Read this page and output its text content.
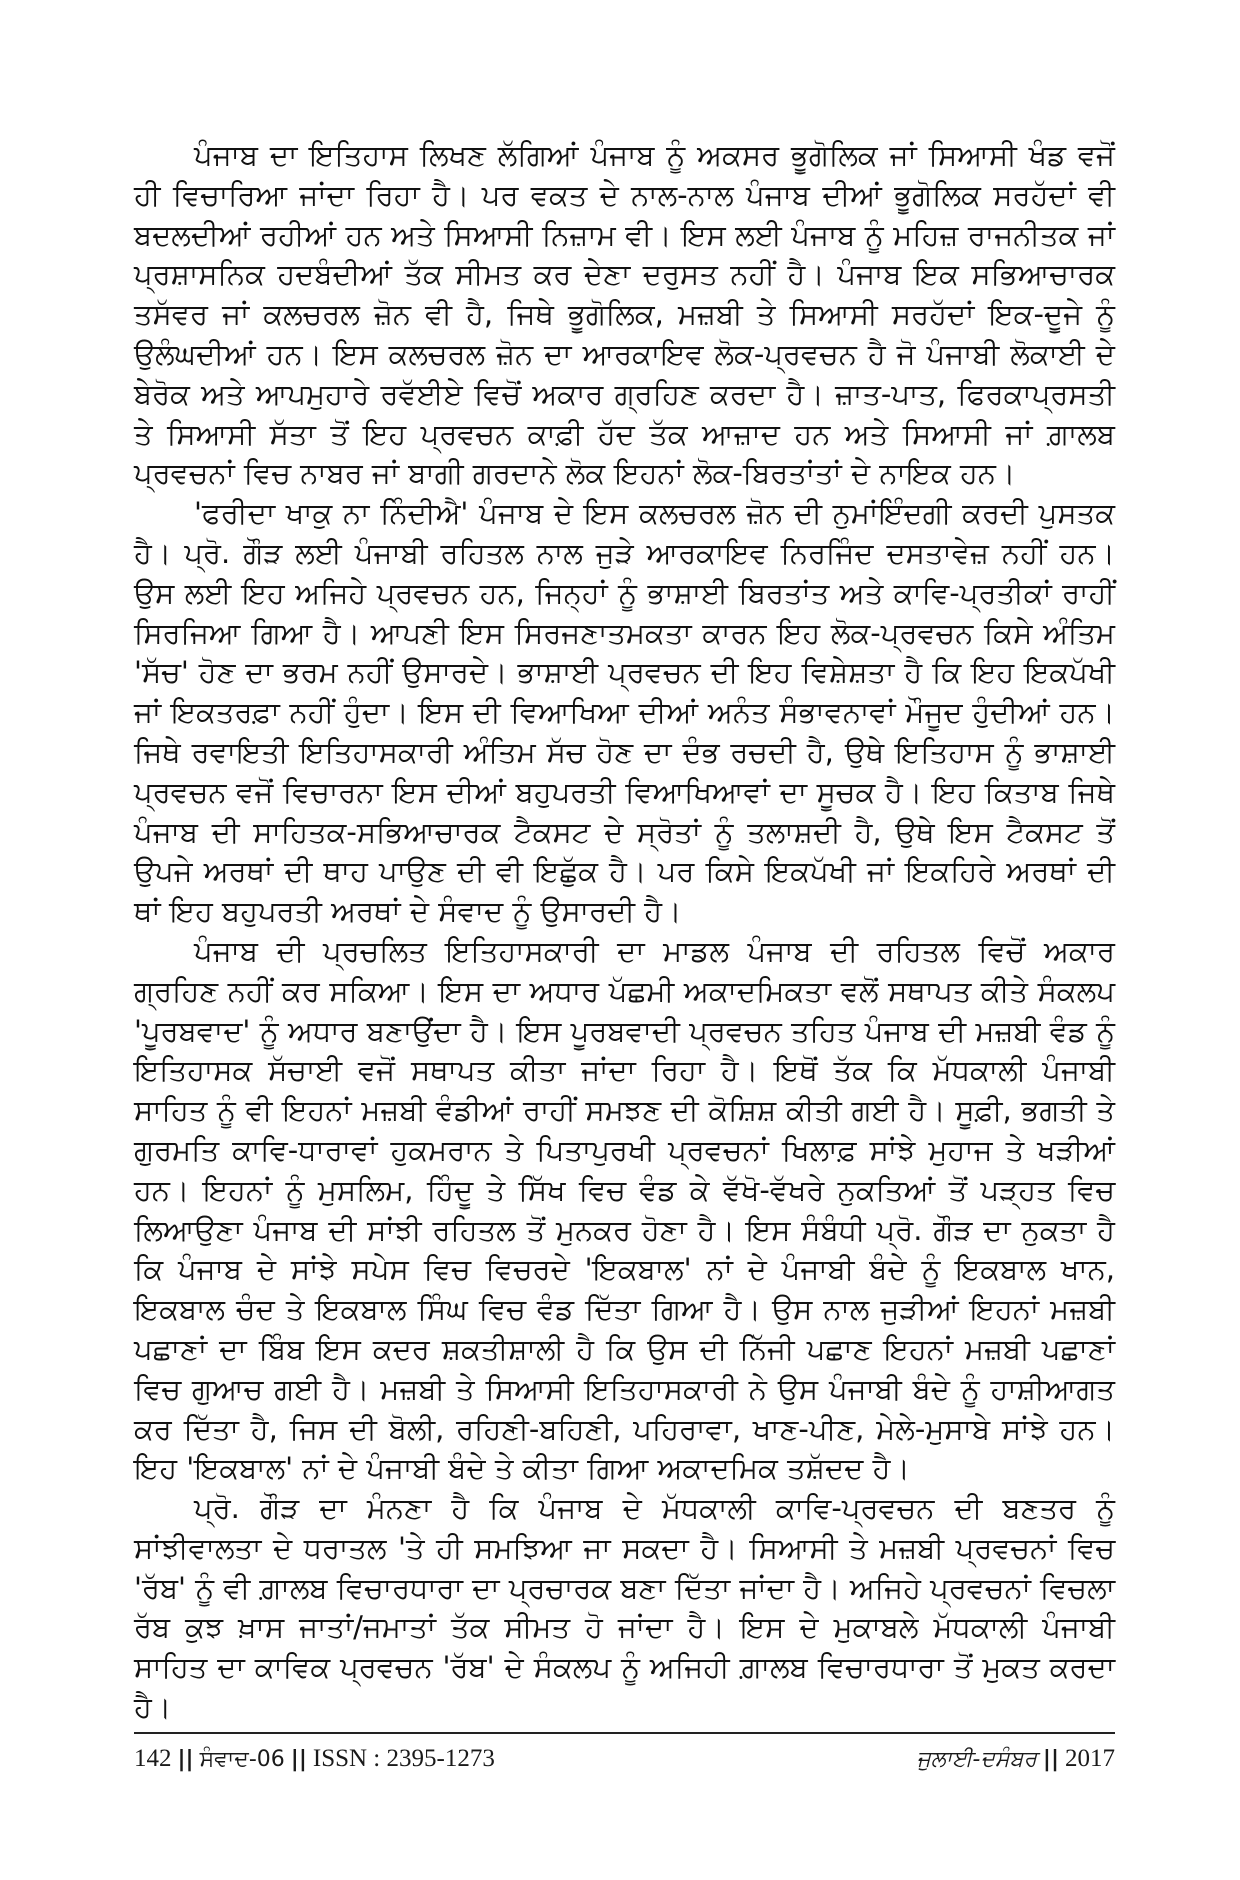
ਪੰਜਾਬ ਦਾ ਇਤਿਹਾਸ ਲਿਖਣ ਲੱਗਿਆਂ ਪੰਜਾਬ ਨੂੰ ਅਕਸਰ ਭੂਗੋਲਿਕ ਜਾਂ ਸਿਆਸੀ ਖੰਡ ਵਜੋਂ ਹੀ ਵਿਚਾਰਿਆ ਜਾਂਦਾ ਰਿਹਾ ਹੈ। ਪਰ ਵਕਤ ਦੇ ਨਾਲ-ਨਾਲ ਪੰਜਾਬ ਦੀਆਂ ਭੂਗੋਲਿਕ ਸਰਹੱਦਾਂ ਵੀ ਬਦਲਦੀਆਂ ਰਹੀਆਂ ਹਨ ਅਤੇ ਸਿਆਸੀ ਨਿਜ਼ਾਮ ਵੀ। ਇਸ ਲਈ ਪੰਜਾਬ ਨੂੰ ਮਹਿਜ਼ ਰਾਜਨੀਤਕ ਜਾਂ ਪ੍ਰਸ਼ਾਸਨਿਕ ਹਦਬੰਦੀਆਂ ਤੱਕ ਸੀਮਤ ਕਰ ਦੇਣਾ ਦਰੁਸਤ ਨਹੀਂ ਹੈ। ਪੰਜਾਬ ਇਕ ਸਭਿਆਚਾਰਕ ਤਸੱਵਰ ਜਾਂ ਕਲਚਰਲ ਜ਼ੋਨ ਵੀ ਹੈ, ਜਿਥੇ ਭੂਗੋਲਿਕ, ਮਜ਼ਬੀ ਤੇ ਸਿਆਸੀ ਸਰਹੱਦਾਂ ਇਕ-ਦੂਜੇ ਨੂੰ ਉਲੰਘਦੀਆਂ ਹਨ। ਇਸ ਕਲਚਰਲ ਜ਼ੋਨ ਦਾ ਆਰਕਾਇਵ ਲੋਕ-ਪ੍ਰਵਚਨ ਹੈ ਜੋ ਪੰਜਾਬੀ ਲੋਕਾਈ ਦੇ ਬੇਰੋਕ ਅਤੇ ਆਪਮੁਹਾਰੇ ਰਵੱਈਏ ਵਿਚੋਂ ਅਕਾਰ ਗ੍ਰਹਿਣ ਕਰਦਾ ਹੈ। ਜ਼ਾਤ-ਪਾਤ, ਫਿਰਕਾਪ੍ਰਸਤੀ ਤੇ ਸਿਆਸੀ ਸੱਤਾ ਤੋਂ ਇਹ ਪ੍ਰਵਚਨ ਕਾਫ਼ੀ ਹੱਦ ਤੱਕ ਆਜ਼ਾਦ ਹਨ ਅਤੇ ਸਿਆਸੀ ਜਾਂ ਗ਼ਾਲਬ ਪ੍ਰਵਚਨਾਂ ਵਿਚ ਨਾਬਰ ਜਾਂ ਬਾਗੀ ਗਰਦਾਨੇ ਲੋਕ ਇਹਨਾਂ ਲੋਕ-ਬਿਰਤਾਂਤਾਂ ਦੇ ਨਾਇਕ ਹਨ।

'ਫਰੀਦਾ ਖਾਕੁ ਨਾ ਨਿੰਦੀਐ' ਪੰਜਾਬ ਦੇ ਇਸ ਕਲਚਰਲ ਜ਼ੋਨ ਦੀ ਨੁਮਾਂਇੰਦਗੀ ਕਰਦੀ ਪੁਸਤਕ ਹੈ। ਪ੍ਰੋ. ਗੌੜ ਲਈ ਪੰਜਾਬੀ ਰਹਿਤਲ ਨਾਲ ਜੁੜੇ ਆਰਕਾਇਵ ਨਿਰਜਿੰਦ ਦਸਤਾਵੇਜ਼ ਨਹੀਂ ਹਨ। ਉਸ ਲਈ ਇਹ ਅਜਿਹੇ ਪ੍ਰਵਚਨ ਹਨ, ਜਿਨ੍ਹਾਂ ਨੂੰ ਭਾਸ਼ਾਈ ਬਿਰਤਾਂਤ ਅਤੇ ਕਾਵਿ-ਪ੍ਰਤੀਕਾਂ ਰਾਹੀਂ ਸਿਰਜਿਆ ਗਿਆ ਹੈ। ਆਪਣੀ ਇਸ ਸਿਰਜਣਾਤਮਕਤਾ ਕਾਰਨ ਇਹ ਲੋਕ-ਪ੍ਰਵਚਨ ਕਿਸੇ ਅੰਤਿਮ 'ਸੱਚ' ਹੋਣ ਦਾ ਭਰਮ ਨਹੀਂ ਉਸਾਰਦੇ। ਭਾਸ਼ਾਈ ਪ੍ਰਵਚਨ ਦੀ ਇਹ ਵਿਸ਼ੇਸ਼ਤਾ ਹੈ ਕਿ ਇਹ ਇਕਪੱਖੀ ਜਾਂ ਇਕਤਰਫ਼ਾ ਨਹੀਂ ਹੁੰਦਾ। ਇਸ ਦੀ ਵਿਆਖਿਆ ਦੀਆਂ ਅਨੰਤ ਸੰਭਾਵਨਾਵਾਂ ਮੌਜੂਦ ਹੁੰਦੀਆਂ ਹਨ। ਜਿਥੇ ਰਵਾਇਤੀ ਇਤਿਹਾਸਕਾਰੀ ਅੰਤਿਮ ਸੱਚ ਹੋਣ ਦਾ ਦੰਭ ਰਚਦੀ ਹੈ, ਉਥੇ ਇਤਿਹਾਸ ਨੂੰ ਭਾਸ਼ਾਈ ਪ੍ਰਵਚਨ ਵਜੋਂ ਵਿਚਾਰਨਾ ਇਸ ਦੀਆਂ ਬਹੁਪਰਤੀ ਵਿਆਖਿਆਵਾਂ ਦਾ ਸੂਚਕ ਹੈ। ਇਹ ਕਿਤਾਬ ਜਿਥੇ ਪੰਜਾਬ ਦੀ ਸਾਹਿਤਕ-ਸਭਿਆਚਾਰਕ ਟੈਕਸਟ ਦੇ ਸ੍ਰੋਤਾਂ ਨੂੰ ਤਲਾਸ਼ਦੀ ਹੈ, ਉਥੇ ਇਸ ਟੈਕਸਟ ਤੋਂ ਉਪਜੇ ਅਰਥਾਂ ਦੀ ਥਾਹ ਪਾਉਣ ਦੀ ਵੀ ਇਛੁੱਕ ਹੈ। ਪਰ ਕਿਸੇ ਇਕਪੱਖੀ ਜਾਂ ਇਕਹਿਰੇ ਅਰਥਾਂ ਦੀ ਥਾਂ ਇਹ ਬਹੁਪਰਤੀ ਅਰਥਾਂ ਦੇ ਸੰਵਾਦ ਨੂੰ ਉਸਾਰਦੀ ਹੈ।

ਪੰਜਾਬ ਦੀ ਪ੍ਰਚਲਿਤ ਇਤਿਹਾਸਕਾਰੀ ਦਾ ਮਾਡਲ ਪੰਜਾਬ ਦੀ ਰਹਿਤਲ ਵਿਚੋਂ ਅਕਾਰ ਗ੍ਰਹਿਣ ਨਹੀਂ ਕਰ ਸਕਿਆ। ਇਸ ਦਾ ਅਧਾਰ ਪੱਛਮੀ ਅਕਾਦਮਿਕਤਾ ਵਲੋਂ ਸਥਾਪਤ ਕੀਤੇ ਸੰਕਲਪ 'ਪੂਰਬਵਾਦ' ਨੂੰ ਅਧਾਰ ਬਣਾਉਂਦਾ ਹੈ। ਇਸ ਪੂਰਬਵਾਦੀ ਪ੍ਰਵਚਨ ਤਹਿਤ ਪੰਜਾਬ ਦੀ ਮਜ਼ਬੀ ਵੰਡ ਨੂੰ ਇਤਿਹਾਸਕ ਸੱਚਾਈ ਵਜੋਂ ਸਥਾਪਤ ਕੀਤਾ ਜਾਂਦਾ ਰਿਹਾ ਹੈ। ਇਥੋਂ ਤੱਕ ਕਿ ਮੱਧਕਾਲੀ ਪੰਜਾਬੀ ਸਾਹਿਤ ਨੂੰ ਵੀ ਇਹਨਾਂ ਮਜ਼ਬੀ ਵੰਡੀਆਂ ਰਾਹੀਂ ਸਮਝਣ ਦੀ ਕੋਸ਼ਿਸ਼ ਕੀਤੀ ਗਈ ਹੈ। ਸੂਫ਼ੀ, ਭਗਤੀ ਤੇ ਗੁਰਮਤਿ ਕਾਵਿ-ਧਾਰਾਵਾਂ ਹੁਕਮਰਾਨ ਤੇ ਪਿਤਾਪੁਰਖੀ ਪ੍ਰਵਚਨਾਂ ਖਿਲਾਫ਼ ਸਾਂਝੇ ਮੁਹਾਜ ਤੇ ਖੜੀਆਂ ਹਨ। ਇਹਨਾਂ ਨੂੰ ਮੁਸਲਿਮ, ਹਿੰਦੂ ਤੇ ਸਿੱਖ ਵਿਚ ਵੰਡ ਕੇ ਵੱਖੋ-ਵੱਖਰੇ ਨੁਕਤਿਆਂ ਤੋਂ ਪੜ੍ਹਤ ਵਿਚ ਲਿਆਉਣਾ ਪੰਜਾਬ ਦੀ ਸਾਂਝੀ ਰਹਿਤਲ ਤੋਂ ਮੁਨਕਰ ਹੋਣਾ ਹੈ। ਇਸ ਸੰਬੰਧੀ ਪ੍ਰੋ. ਗੌੜ ਦਾ ਨੁਕਤਾ ਹੈ ਕਿ ਪੰਜਾਬ ਦੇ ਸਾਂਝੇ ਸਪੇਸ ਵਿਚ ਵਿਚਰਦੇ 'ਇਕਬਾਲ' ਨਾਂ ਦੇ ਪੰਜਾਬੀ ਬੰਦੇ ਨੂੰ ਇਕਬਾਲ ਖਾਨ, ਇਕਬਾਲ ਚੰਦ ਤੇ ਇਕਬਾਲ ਸਿੰਘ ਵਿਚ ਵੰਡ ਦਿੱਤਾ ਗਿਆ ਹੈ। ਉਸ ਨਾਲ ਜੁੜੀਆਂ ਇਹਨਾਂ ਮਜ਼ਬੀ ਪਛਾਣਾਂ ਦਾ ਬਿੰਬ ਇਸ ਕਦਰ ਸ਼ਕਤੀਸ਼ਾਲੀ ਹੈ ਕਿ ਉਸ ਦੀ ਨਿੱਜੀ ਪਛਾਣ ਇਹਨਾਂ ਮਜ਼ਬੀ ਪਛਾਣਾਂ ਵਿਚ ਗੁਆਚ ਗਈ ਹੈ। ਮਜ਼ਬੀ ਤੇ ਸਿਆਸੀ ਇਤਿਹਾਸਕਾਰੀ ਨੇ ਉਸ ਪੰਜਾਬੀ ਬੰਦੇ ਨੂੰ ਹਾਸ਼ੀਆਗਤ ਕਰ ਦਿੱਤਾ ਹੈ, ਜਿਸ ਦੀ ਬੋਲੀ, ਰਹਿਣੀ-ਬਹਿਣੀ, ਪਹਿਰਾਵਾ, ਖਾਣ-ਪੀਣ, ਮੇਲੇ-ਮੁਸਾਬੇ ਸਾਂਝੇ ਹਨ। ਇਹ 'ਇਕਬਾਲ' ਨਾਂ ਦੇ ਪੰਜਾਬੀ ਬੰਦੇ ਤੇ ਕੀਤਾ ਗਿਆ ਅਕਾਦਮਿਕ ਤਸ਼ੱਦਦ ਹੈ।

ਪ੍ਰੋ. ਗੌੜ ਦਾ ਮੰਨਣਾ ਹੈ ਕਿ ਪੰਜਾਬ ਦੇ ਮੱਧਕਾਲੀ ਕਾਵਿ-ਪ੍ਰਵਚਨ ਦੀ ਬਣਤਰ ਨੂੰ ਸਾਂਝੀਵਾਲਤਾ ਦੇ ਧਰਾਤਲ 'ਤੇ ਹੀ ਸਮਝਿਆ ਜਾ ਸਕਦਾ ਹੈ। ਸਿਆਸੀ ਤੇ ਮਜ਼ਬੀ ਪ੍ਰਵਚਨਾਂ ਵਿਚ 'ਰੱਬ' ਨੂੰ ਵੀ ਗ਼ਾਲਬ ਵਿਚਾਰਧਾਰਾ ਦਾ ਪ੍ਰਚਾਰਕ ਬਣਾ ਦਿੱਤਾ ਜਾਂਦਾ ਹੈ। ਅਜਿਹੇ ਪ੍ਰਵਚਨਾਂ ਵਿਚਲਾ ਰੱਬ ਕੁਝ ਖ਼ਾਸ ਜਾਤਾਂ/ਜਮਾਤਾਂ ਤੱਕ ਸੀਮਤ ਹੋ ਜਾਂਦਾ ਹੈ। ਇਸ ਦੇ ਮੁਕਾਬਲੇ ਮੱਧਕਾਲੀ ਪੰਜਾਬੀ ਸਾਹਿਤ ਦਾ ਕਾਵਿਕ ਪ੍ਰਵਚਨ 'ਰੱਬ' ਦੇ ਸੰਕਲਪ ਨੂੰ ਅਜਿਹੀ ਗ਼ਾਲਬ ਵਿਚਾਰਧਾਰਾ ਤੋਂ ਮੁਕਤ ਕਰਦਾ ਹੈ।

142 || ਸੰਵਾਦ-06 || ISSN : 2395-1273	ਜੁਲਾਈ-ਦਸੰਬਰ || 2017
